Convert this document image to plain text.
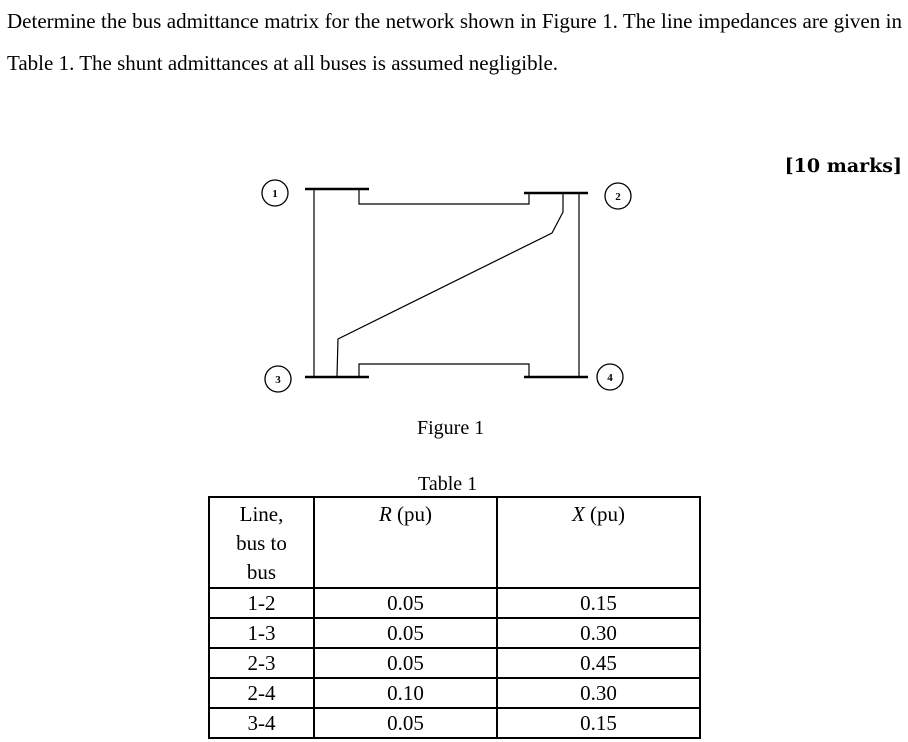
Determine the bus admittance matrix for the network shown in Figure 1. The line impedances are given in Table 1. The shunt admittances at all buses is assumed negligible.

[10 marks]
1	2
3	4
Figure 1
Table 1
Line,
bus to
bus	R (pu)	X (pu)
1-2	0.05	0.15
1-3	0.05	0.30
2-3	0.05	0.45
2-4	0.10	0.30
3-4	0.05	0.15
